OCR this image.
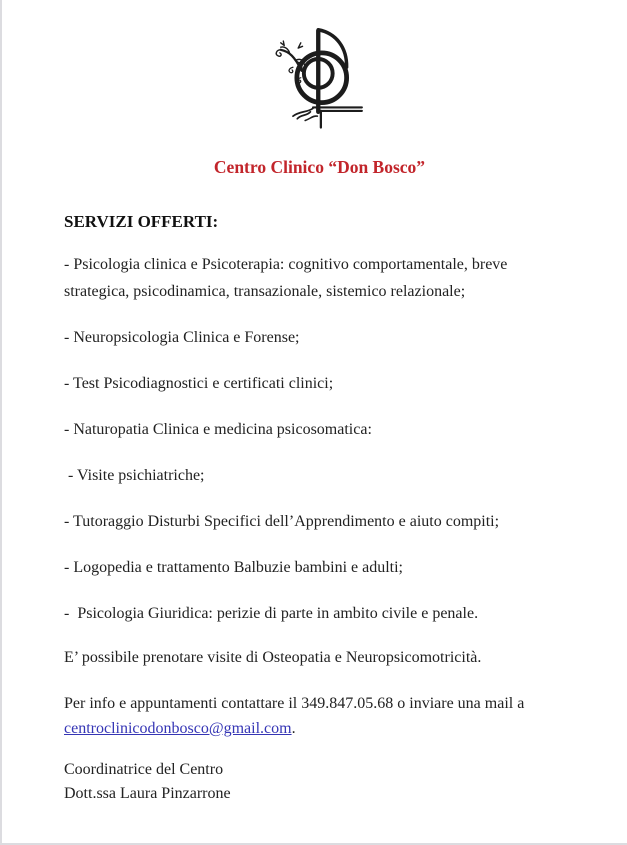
Centro Clinico “Don Bosco”
SERVIZI OFFERTI:

- Psicologia clinica e Psicoterapia: cognitivo comportamentale, breve strategica, psicodinamica, transazionale, sistemico relazionale;

- Neuropsicologia Clinica e Forense;

- Test Psicodiagnostici e certificati clinici;

- Naturopatia Clinica e medicina psicosomatica:

- Visite psichiatriche;

- Tutoraggio Disturbi Specifici dell’Apprendimento e aiuto compiti;

- Logopedia e trattamento Balbuzie bambini e adulti;

-  Psicologia Giuridica: perizie di parte in ambito civile e penale.

E’ possibile prenotare visite di Osteopatia e Neuropsicomotricità.

Per info e appuntamenti contattare il 349.847.05.68 o inviare una mail a centroclinicodonbosco@gmail.com.

Coordinatrice del Centro
Dott.ssa Laura Pinzarrone
